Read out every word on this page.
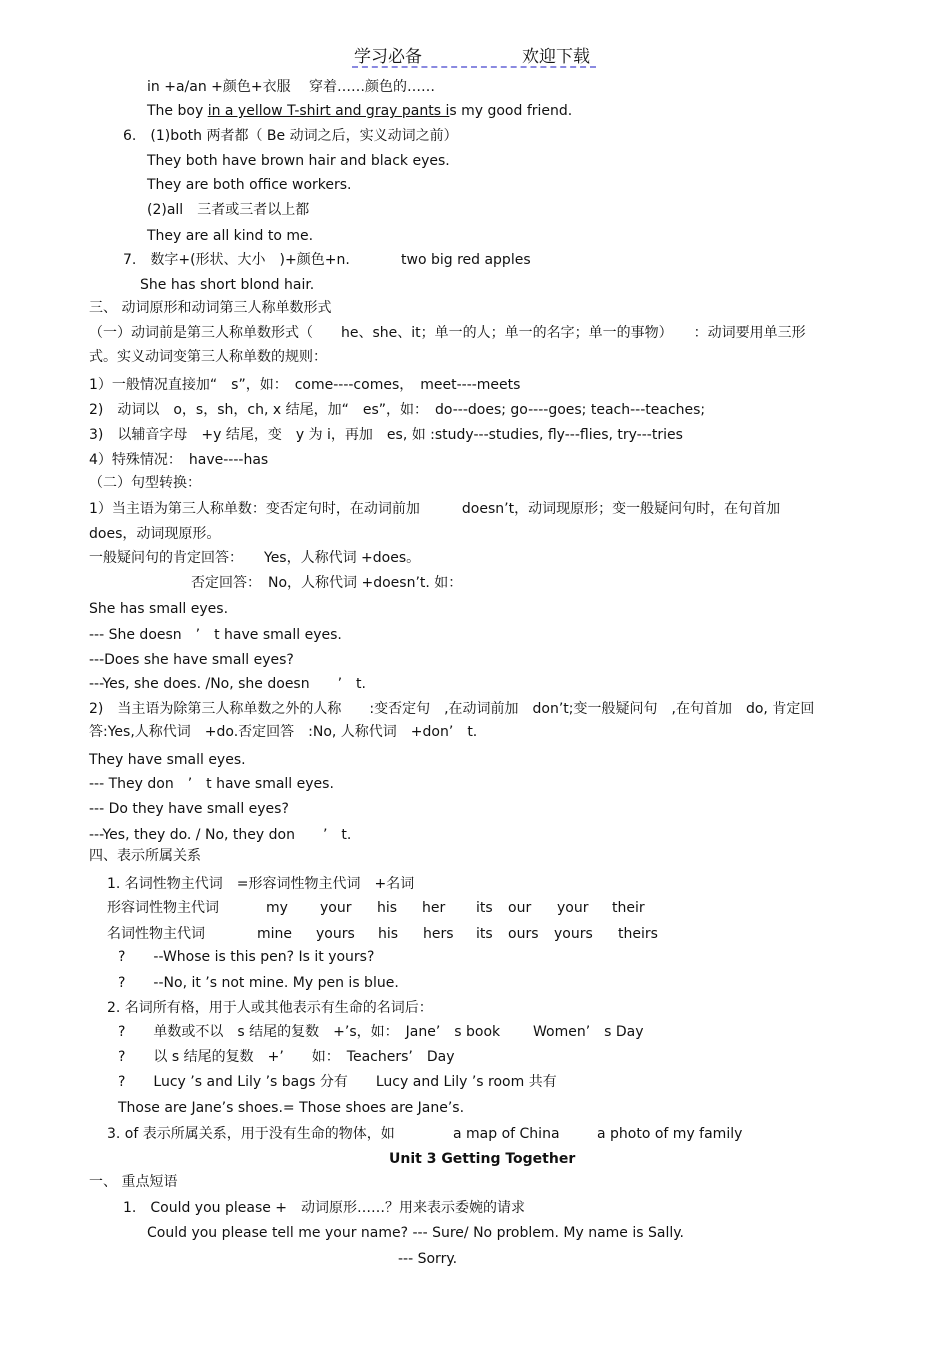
学习必备	欢迎下载
in +a/an +颜色+衣服　 穿着……颜色的……
The boy in a yellow T-shirt and gray pants is my good friend.
6.　(1)both 两者都（ Be 动词之后，实义动词之前）
They both have brown hair and black eyes.
They are both office workers.
(2)all　三者或三者以上都
They are all kind to me.
7.　数字+(形状、大小　)+颜色+n.	two big red apples
She has short blond hair.
三、 动词原形和动词第三人称单数形式
（一）动词前是第三人称单数形式（　　he、she、it；单一的人；单一的名字；单一的事物）　　：动词要用单三形
式。实义动词变第三人称单数的规则：
1）一般情况直接加“　s”，如：　come----comes，　meet----meets
2)　动词以　o，s，sh，ch, x 结尾，加“　es”，如：　do---does; go----goes; teach---teaches;
3)　以辅音字母　+y 结尾，变　y 为 i，再加　es, 如 :study---studies, fly---flies, try---tries
4）特殊情况：　have----has
（二）句型转换：
1）当主语为第三人称单数：变否定句时，在动词前加　　　doesn’t，动词现原形；变一般疑问句时，在句首加
does，动词现原形。
一般疑问句的肯定回答：　　Yes，人称代词 +does。
否定回答：　No，人称代词 +doesn’t. 如：
She has small eyes.
--- She doesn　’　t have small eyes.
---Does she have small eyes?
---Yes, she does. /No, she doesn　　’　t.
2)　当主语为除第三人称单数之外的人称　　:变否定句　,在动词前加　don’t;变一般疑问句　,在句首加　do, 肯定回
答:Yes,人称代词　+do.否定回答　:No, 人称代词　+don’　t.
They have small eyes.
--- They don　’　t have small eyes.
--- Do they have small eyes?
---Yes, they do. / No, they don　　’　t.
四、表示所属关系
1. 名词性物主代词　=形容词性物主代词　+名词
形容词性物主代词	my your his her its our your their
名词性物主代词	mine yours his hers its ours yours theirs
?　　--Whose is this pen? Is it yours?
?　　--No, it ’s not mine. My pen is blue.
2. 名词所有格，用于人或其他表示有生命的名词后：
?　　单数或不以　s 结尾的复数　+’s，如：　Jane’　s book Women’　s Day
?　　以 s 结尾的复数　+’　　如：　Teachers’　Day
?　　Lucy ’s and Lily ’s bags 分有　　Lucy and Lily ’s room 共有
Those are Jane’s shoes.= Those shoes are Jane’s.
3. of 表示所属关系，用于没有生命的物体，如	a map of China	a photo of my family
Unit 3 Getting Together
一、 重点短语
1.　Could you please +　动词原形……？用来表示委婉的请求
Could you please tell me your name? --- Sure/ No problem. My name is Sally.
--- Sorry.
